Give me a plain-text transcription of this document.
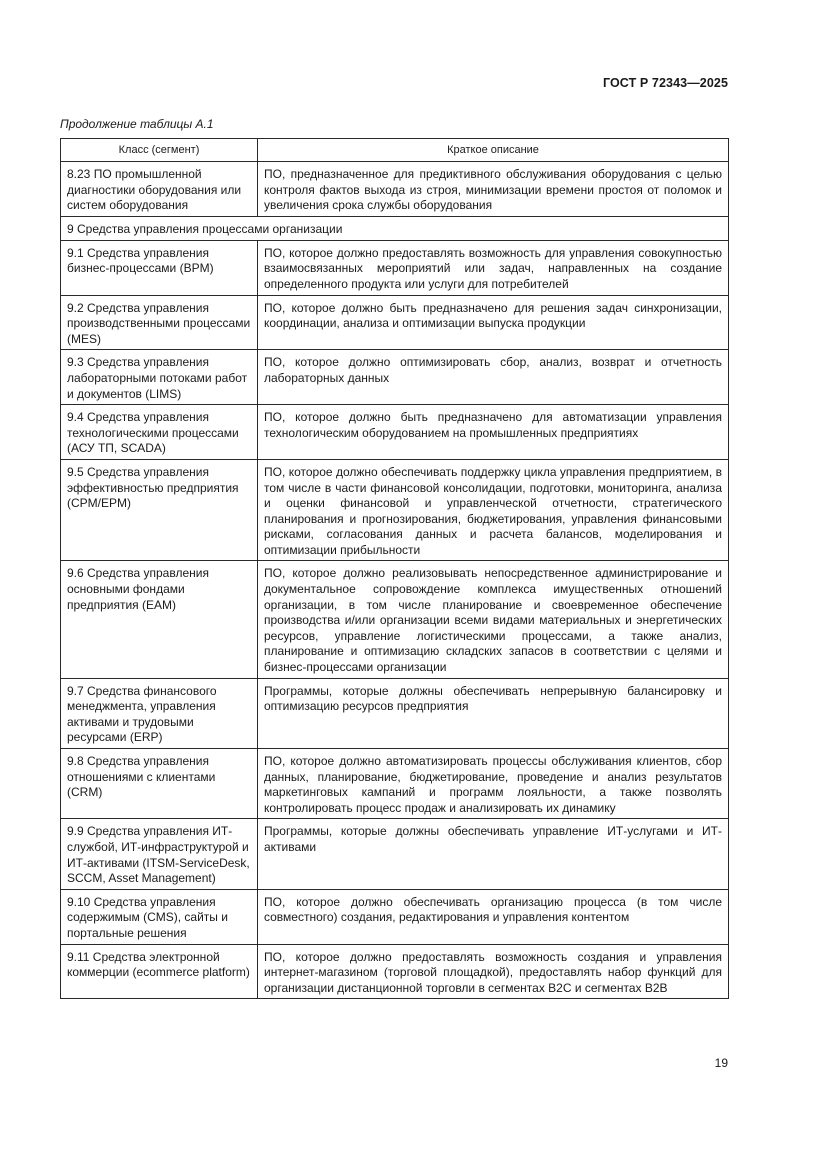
ГОСТ Р 72343—2025
Продолжение таблицы А.1
Класс (сегмент)	Краткое описание
8.23 ПО промышленной диагностики оборудования или систем оборудования	ПО, предназначенное для предиктивного обслуживания оборудования с целью контроля фактов выхода из строя, минимизации времени простоя от поломок и увеличения срока службы оборудования
9 Средства управления процессами организации	
9.1 Средства управления бизнес-процессами (BPM)	ПО, которое должно предоставлять возможность для управления совокупностью взаимосвязанных мероприятий или задач, направленных на создание определенного продукта или услуги для потребителей
9.2 Средства управления производственными процессами (MES)	ПО, которое должно быть предназначено для решения задач синхронизации, координации, анализа и оптимизации выпуска продукции
9.3 Средства управления лабораторными потоками работ и документов (LIMS)	ПО, которое должно оптимизировать сбор, анализ, возврат и отчетность лабораторных данных
9.4 Средства управления технологическими процессами (АСУ ТП, SCADA)	ПО, которое должно быть предназначено для автоматизации управления технологическим оборудованием на промышленных предприятиях
9.5 Средства управления эффективностью предприятия (CPM/EPM)	ПО, которое должно обеспечивать поддержку цикла управления предприятием, в том числе в части финансовой консолидации, подготовки, мониторинга, анализа и оценки финансовой и управленческой отчетности, стратегического планирования и прогнозирования, бюджетирования, управления финансовыми рисками, согласования данных и расчета балансов, моделирования и оптимизации прибыльности
9.6 Средства управления основными фондами предприятия (EAM)	ПО, которое должно реализовывать непосредственное администрирование и документальное сопровождение комплекса имущественных отношений организации, в том числе планирование и своевременное обеспечение производства и/или организации всеми видами материальных и энергетических ресурсов, управление логистическими процессами, а также анализ, планирование и оптимизацию складских запасов в соответствии с целями и бизнес-процессами организации
9.7 Средства финансового менеджмента, управления активами и трудовыми ресурсами (ERP)	Программы, которые должны обеспечивать непрерывную балансировку и оптимизацию ресурсов предприятия
9.8 Средства управления отношениями с клиентами (CRM)	ПО, которое должно автоматизировать процессы обслуживания клиентов, сбор данных, планирование, бюджетирование, проведение и анализ результатов маркетинговых кампаний и программ лояльности, а также позволять контролировать процесс продаж и анализировать их динамику
9.9 Средства управления ИТ-службой, ИТ-инфраструктурой и ИТ-активами (ITSM-ServiceDesk, SCCM, Asset Management)	Программы, которые должны обеспечивать управление ИТ-услугами и ИТ-активами
9.10 Средства управления содержимым (CMS), сайты и портальные решения	ПО, которое должно обеспечивать организацию процесса (в том числе совместного) создания, редактирования и управления контентом
9.11 Средства электронной коммерции (ecommerce platform)	ПО, которое должно предоставлять возможность создания и управления интернет-магазином (торговой площадкой), предоставлять набор функций для организации дистанционной торговли в сегментах B2C и сегментах B2B
19
